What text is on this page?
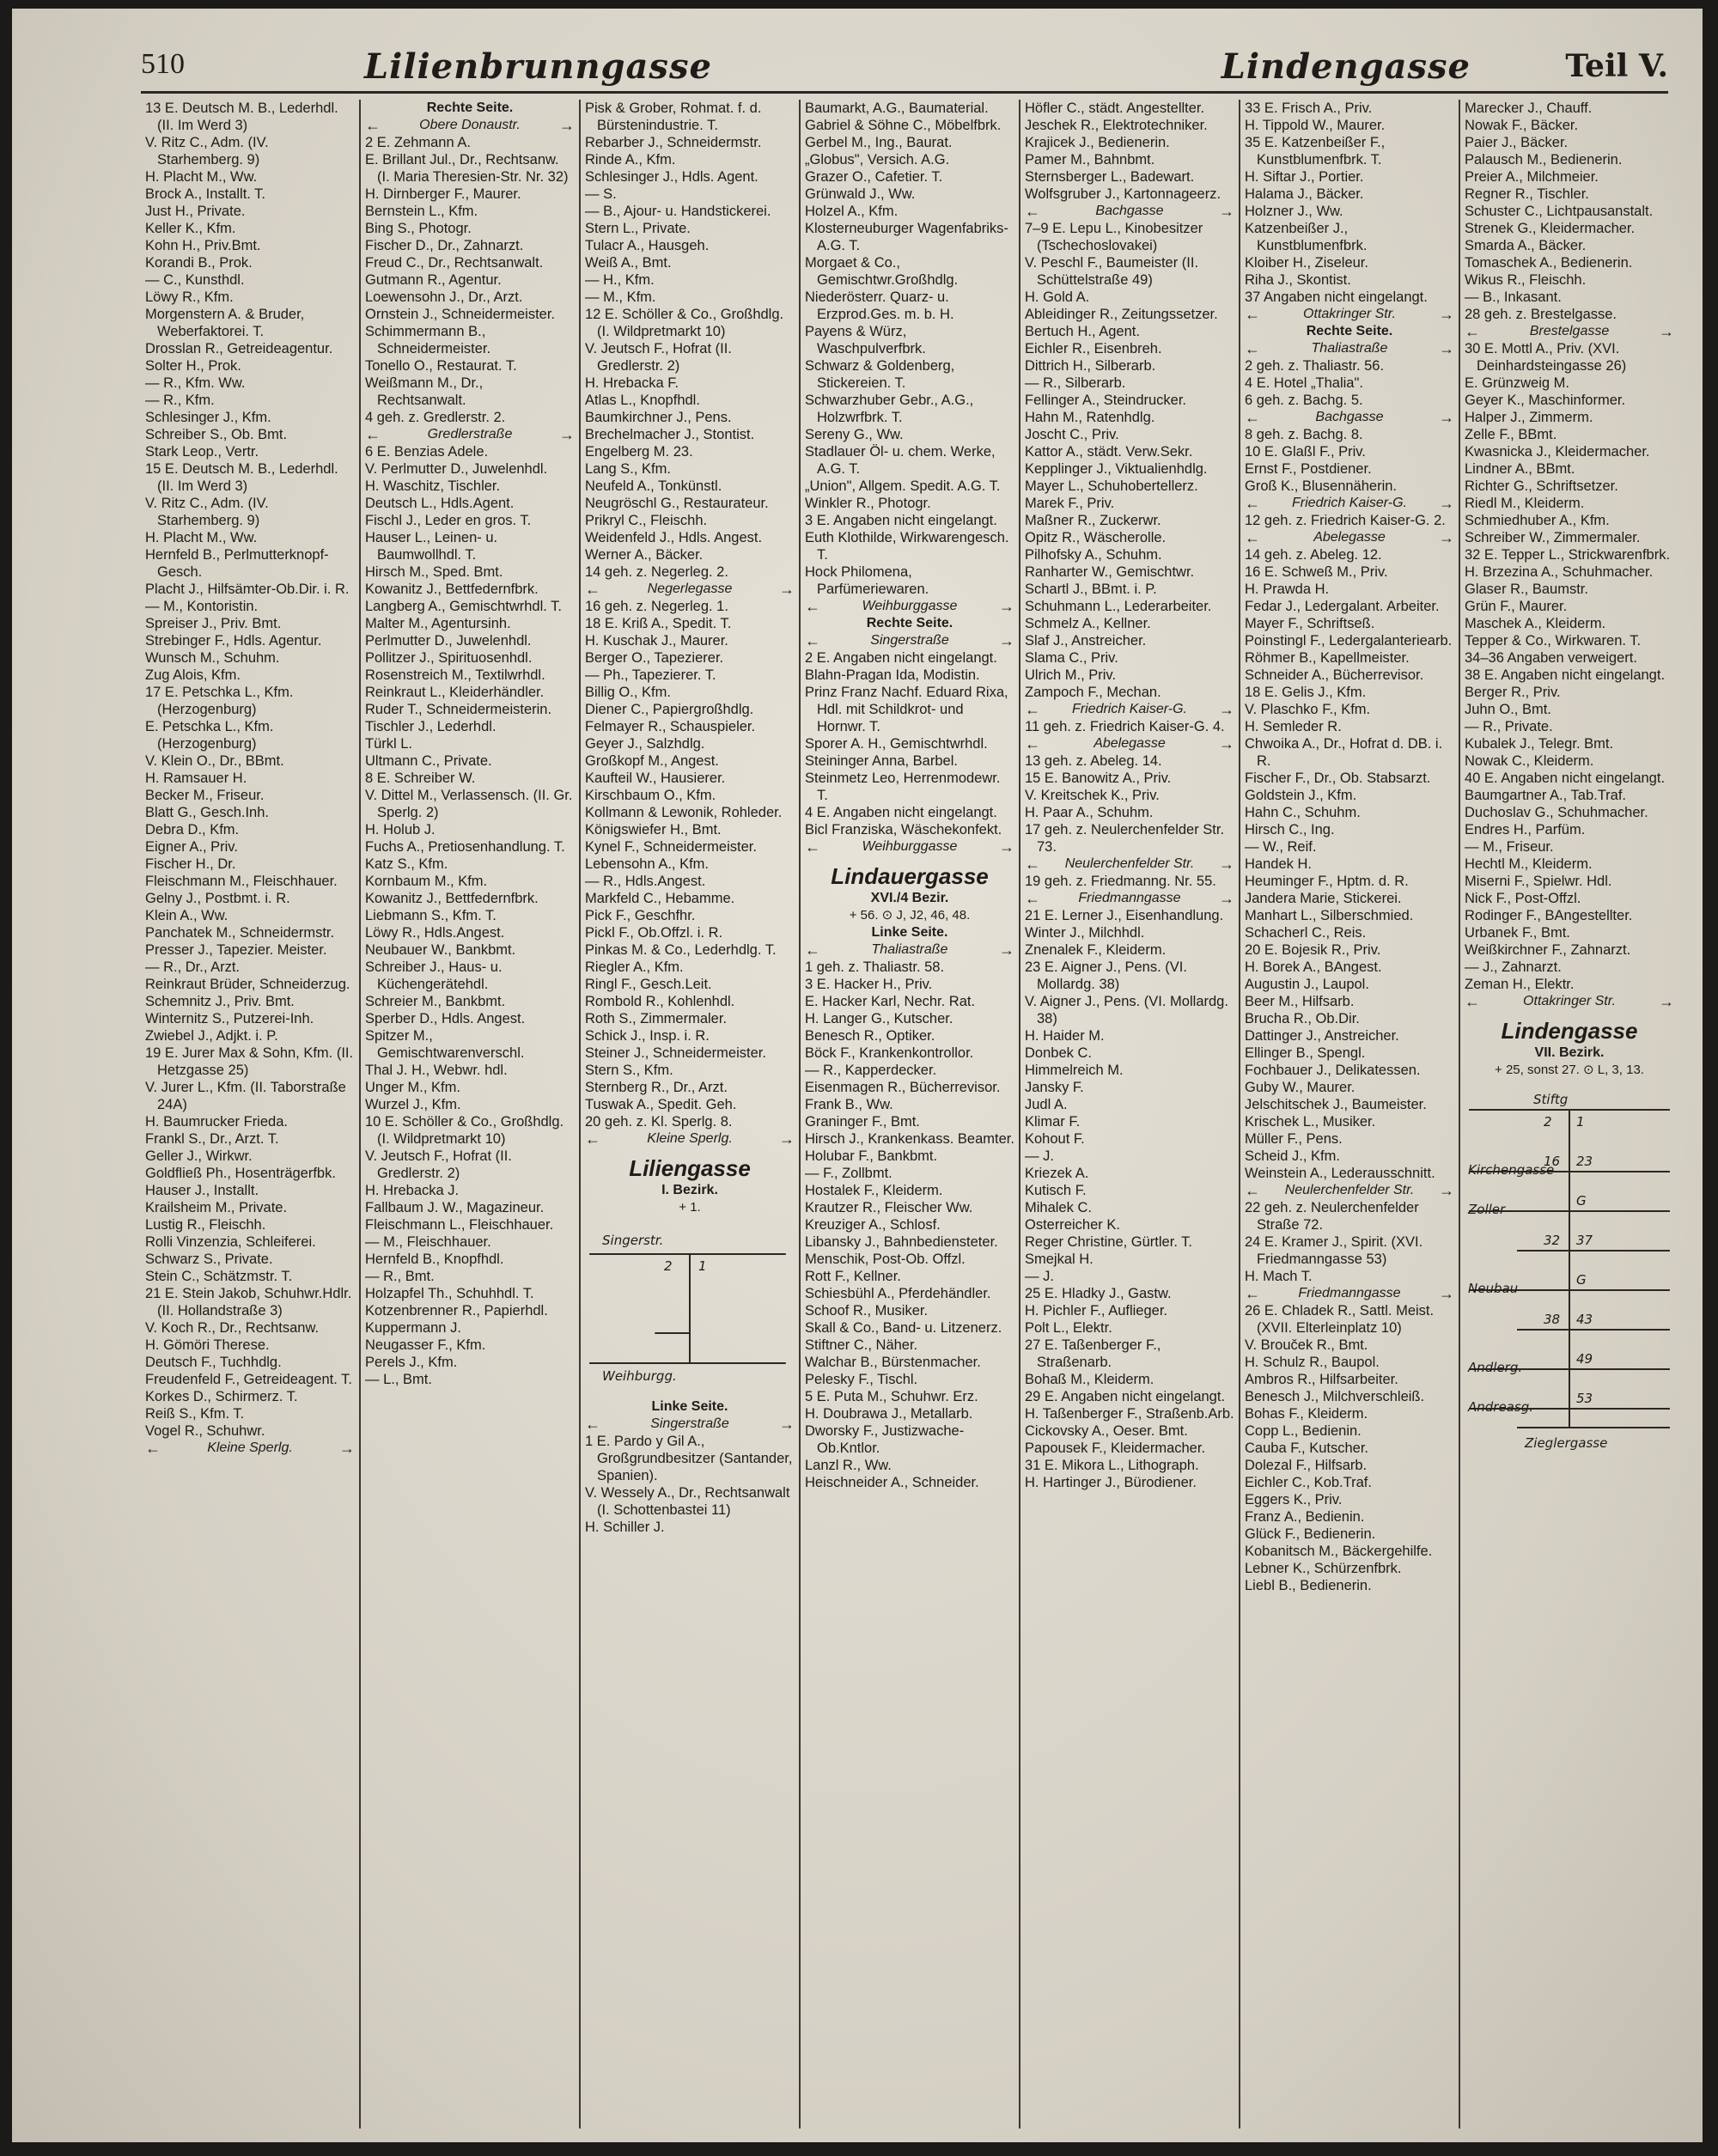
510	Lilienbrunngasse	Lindengasse	Teil V.

13 E. Deutsch M. B., Lederhdl. (II. Im Werd 3)

V. Ritz C., Adm. (IV. Starhemberg. 9)

H. Placht M., Ww.

Brock A., Installt. T.

Just H., Private.

Keller K., Kfm.

Kohn H., Priv.Bmt.

Korandi B., Prok.

— C., Kunsthdl.

Löwy R., Kfm.

Morgenstern A. & Bruder, Weberfaktorei. T.

Drosslan R., Getreideagentur.

Solter H., Prok.

— R., Kfm. Ww.

— R., Kfm.

Schlesinger J., Kfm.

Schreiber S., Ob. Bmt.

Stark Leop., Vertr.

15 E. Deutsch M. B., Lederhdl. (II. Im Werd 3)

V. Ritz C., Adm. (IV. Starhemberg. 9)

H. Placht M., Ww.

Hernfeld B., Perlmutterknopf-Gesch.

Placht J., Hilfsämter-Ob.Dir. i. R.

— M., Kontoristin.

Spreiser J., Priv. Bmt.

Strebinger F., Hdls. Agentur.

Wunsch M., Schuhm.

Zug Alois, Kfm.

17 E. Petschka L., Kfm. (Herzogenburg)

E. Petschka L., Kfm. (Herzogenburg)

V. Klein O., Dr., BBmt.

H. Ramsauer H.

Becker M., Friseur.

Blatt G., Gesch.Inh.

Debra D., Kfm.

Eigner A., Priv.

Fischer H., Dr.

Fleischmann M., Fleischhauer.

Gelny J., Postbmt. i. R.

Klein A., Ww.

Panchatek M., Schneidermstr.

Presser J., Tapezier. Meister.

— R., Dr., Arzt.

Reinkraut Brüder, Schneiderzug.

Schemnitz J., Priv. Bmt.

Winternitz S., Putzerei-Inh.

Zwiebel J., Adjkt. i. P.

19 E. Jurer Max & Sohn, Kfm. (II. Hetzgasse 25)

V. Jurer L., Kfm. (II. Taborstraße 24A)

H. Baumrucker Frieda.

Frankl S., Dr., Arzt. T.

Geller J., Wirkwr.

Goldfließ Ph., Hosenträgerfbk.

Hauser J., Installt.

Krailsheim M., Private.

Lustig R., Fleischh.

Rolli Vinzenzia, Schleiferei.

Schwarz S., Private.

Stein C., Schätzmstr. T.

21 E. Stein Jakob, Schuhwr.Hdlr. (II. Hollandstraße 3)

V. Koch R., Dr., Rechtsanw.

H. Gömöri Therese.

Deutsch F., Tuchhdlg.

Freudenfeld F., Getreideagent. T.

Korkes D., Schirmerz. T.

Reiß S., Kfm. T.

Vogel R., Schuhwr.

←	Kleine Sperlg.	→
Rechte Seite.
←	Obere Donaustr.	→

2 E. Zehmann A.

E. Brillant Jul., Dr., Rechtsanw. (I. Maria Theresien-Str. Nr. 32)

H. Dirnberger F., Maurer.

Bernstein L., Kfm.

Bing S., Photogr.

Fischer D., Dr., Zahnarzt.

Freud C., Dr., Rechtsanwalt.

Gutmann R., Agentur.

Loewensohn J., Dr., Arzt.

Ornstein J., Schneidermeister.

Schimmermann B., Schneidermeister.

Tonello O., Restaurat. T.

Weißmann M., Dr., Rechtsanwalt.

4 geh. z. Gredlerstr. 2.

←	Gredlerstraße	→

6 E. Benzias Adele.

V. Perlmutter D., Juwelenhdl.

H. Waschitz, Tischler.

Deutsch L., Hdls.Agent.

Fischl J., Leder en gros. T.

Hauser L., Leinen- u. Baumwollhdl. T.

Hirsch M., Sped. Bmt.

Kowanitz J., Bettfedernfbrk.

Langberg A., Gemischtwrhdl. T.

Malter M., Agentursinh.

Perlmutter D., Juwelenhdl.

Pollitzer J., Spirituosenhdl.

Rosenstreich M., Textilwrhdl.

Reinkraut L., Kleiderhändler.

Ruder T., Schneidermeisterin.

Tischler J., Lederhdl.

Türkl L.

Ultmann C., Private.

8 E. Schreiber W.

V. Dittel M., Verlassensch. (II. Gr. Sperlg. 2)

H. Holub J.

Fuchs A., Pretiosenhandlung. T.

Katz S., Kfm.

Kornbaum M., Kfm.

Kowanitz J., Bettfedernfbrk.

Liebmann S., Kfm. T.

Löwy R., Hdls.Angest.

Neubauer W., Bankbmt.

Schreiber J., Haus- u. Küchengerätehdl.

Schreier M., Bankbmt.

Sperber D., Hdls. Angest.

Spitzer M., Gemischtwarenverschl.

Thal J. H., Webwr. hdl.

Unger M., Kfm.

Wurzel J., Kfm.

10 E. Schöller & Co., Großhdlg. (I. Wildpretmarkt 10)

V. Jeutsch F., Hofrat (II. Gredlerstr. 2)

H. Hrebacka J.

Fallbaum J. W., Magazineur.

Fleischmann L., Fleischhauer.

— M., Fleischhauer.

Hernfeld B., Knopfhdl.

— R., Bmt.

Holzapfel Th., Schuhhdl. T.

Kotzenbrenner R., Papierhdl.

Kuppermann J.

Neugasser F., Kfm.

Perels J., Kfm.

— L., Bmt.

Pisk & Grober, Rohmat. f. d. Bürstenindustrie. T.

Rebarber J., Schneidermstr.

Rinde A., Kfm.

Schlesinger J., Hdls. Agent.

— S.

— B., Ajour- u. Handstickerei.

Stern L., Private.

Tulacr A., Hausgeh.

Weiß A., Bmt.

— H., Kfm.

— M., Kfm.

12 E. Schöller & Co., Großhdlg. (I. Wildpretmarkt 10)

V. Jeutsch F., Hofrat (II. Gredlerstr. 2)

H. Hrebacka F.

Atlas L., Knopfhdl.

Baumkirchner J., Pens.

Brechelmacher J., Stontist.

Engelberg M. 23.

Lang S., Kfm.

Neufeld A., Tonkünstl.

Neugröschl G., Restaurateur.

Prikryl C., Fleischh.

Weidenfeld J., Hdls. Angest.

Werner A., Bäcker.

14 geh. z. Negerleg. 2.

←	Negerlegasse	→

16 geh. z. Negerleg. 1.

18 E. Kriß A., Spedit. T.

H. Kuschak J., Maurer.

Berger O., Tapezierer.

— Ph., Tapezierer. T.

Billig O., Kfm.

Diener C., Papiergroßhdlg.

Felmayer R., Schauspieler.

Geyer J., Salzhdlg.

Großkopf M., Angest.

Kaufteil W., Hausierer.

Kirschbaum O., Kfm.

Kollmann & Lewonik, Rohleder.

Königswiefer H., Bmt.

Kynel F., Schneidermeister.

Lebensohn A., Kfm.

— R., Hdls.Angest.

Markfeld C., Hebamme.

Pick F., Geschfhr.

Pickl F., Ob.Offzl. i. R.

Pinkas M. & Co., Lederhdlg. T.

Riegler A., Kfm.

Ringl F., Gesch.Leit.

Rombold R., Kohlenhdl.

Roth S., Zimmermaler.

Schick J., Insp. i. R.

Steiner J., Schneidermeister.

Stern S., Kfm.

Sternberg R., Dr., Arzt.

Tuswak A., Spedit. Geh.

20 geh. z. Kl. Sperlg. 8.

←	Kleine Sperlg.	→
Liliengasse
I. Bezirk.
+ 1.
Singerstr.
2 1
Weihburgg.
Linke Seite.
←	Singerstraße	→

1 E. Pardo y Gil A., Großgrundbesitzer (Santander, Spanien).

V. Wessely A., Dr., Rechtsanwalt (I. Schottenbastei 11)

H. Schiller J.

Baumarkt, A.G., Baumaterial.

Gabriel & Söhne C., Möbelfbrk.

Gerbel M., Ing., Baurat.

„Globus", Versich. A.G.

Grazer O., Cafetier. T.

Grünwald J., Ww.

Holzel A., Kfm.

Klosterneuburger Wagenfabriks-A.G. T.

Morgaet & Co., Gemischtwr.Großhdlg.

Niederösterr. Quarz- u. Erzprod.Ges. m. b. H.

Payens & Würz, Waschpulverfbrk.

Schwarz & Goldenberg, Stickereien. T.

Schwarzhuber Gebr., A.G., Holzwrfbrk. T.

Sereny G., Ww.

Stadlauer Öl- u. chem. Werke, A.G. T.

„Union", Allgem. Spedit. A.G. T.

Winkler R., Photogr.

3 E. Angaben nicht eingelangt.

Euth Klothilde, Wirkwarengesch. T.

Hock Philomena, Parfümeriewaren.

←	Weihburggasse	→
Rechte Seite.
←	Singerstraße	→

2 E. Angaben nicht eingelangt.

Blahn-Pragan Ida, Modistin.

Prinz Franz Nachf. Eduard Rixa, Hdl. mit Schildkrot- und Hornwr. T.

Sporer A. H., Gemischtwrhdl.

Steininger Anna, Barbel.

Steinmetz Leo, Herrenmodewr. T.

4 E. Angaben nicht eingelangt.

Bicl Franziska, Wäschekonfekt.

←	Weihburggasse	→
Lindauergasse
XVI./4 Bezir.
+ 56. ⊙ J, J2, 46, 48.
Linke Seite.
←	Thaliastraße	→

1 geh. z. Thaliastr. 58.

3 E. Hacker H., Priv.

E. Hacker Karl, Nechr. Rat.

H. Langer G., Kutscher.

Benesch R., Optiker.

Böck F., Krankenkontrollor.

— R., Kapperdecker.

Eisenmagen R., Bücherrevisor.

Frank B., Ww.

Graninger F., Bmt.

Hirsch J., Krankenkass. Beamter.

Holubar F., Bankbmt.

— F., Zollbmt.

Hostalek F., Kleiderm.

Krautzer R., Fleischer Ww.

Kreuziger A., Schlosf.

Libansky J., Bahnbediensteter.

Menschik, Post-Ob. Offzl.

Rott F., Kellner.

Schiesbühl A., Pferdehändler.

Schoof R., Musiker.

Skall & Co., Band- u. Litzenerz.

Stiftner C., Näher.

Walchar B., Bürstenmacher.

Pelesky F., Tischl.

5 E. Puta M., Schuhwr. Erz.

H. Doubrawa J., Metallarb.

Dworsky F., Justizwache-Ob.Kntlor.

Lanzl R., Ww.

Heischneider A., Schneider.

Höfler C., städt. Angestellter.

Jeschek R., Elektrotechniker.

Krajicek J., Bedienerin.

Pamer M., Bahnbmt.

Sternsberger L., Badewart.

Wolfsgruber J., Kartonnageerz.

←	Bachgasse	→

7–9 E. Lepu L., Kinobesitzer (Tschechoslovakei)

V. Peschl F., Baumeister (II. Schüttelstraße 49)

H. Gold A.

Ableidinger R., Zeitungssetzer.

Bertuch H., Agent.

Eichler R., Eisenbreh.

Dittrich H., Silberarb.

— R., Silberarb.

Fellinger A., Steindrucker.

Hahn M., Ratenhdlg.

Joscht C., Priv.

Kattor A., städt. Verw.Sekr.

Kepplinger J., Viktualienhdlg.

Mayer L., Schuhobertellerz.

Marek F., Priv.

Maßner R., Zuckerwr.

Opitz R., Wäscherolle.

Pilhofsky A., Schuhm.

Ranharter W., Gemischtwr.

Schartl J., BBmt. i. P.

Schuhmann L., Lederarbeiter.

Schmelz A., Kellner.

Slaf J., Anstreicher.

Slama C., Priv.

Ulrich M., Priv.

Zampoch F., Mechan.

← Friedrich Kaiser-G. →

11 geh. z. Friedrich Kaiser-G. 4.

←	Abelegasse	→

13 geh. z. Abeleg. 14.

15 E. Banowitz A., Priv.

V. Kreitschek K., Priv.

H. Paar A., Schuhm.

17 geh. z. Neulerchenfelder Str. 73.

← Neulerchenfelder Str. →

19 geh. z. Friedmanng. Nr. 55.

←	Friedmanngasse →

21 E. Lerner J., Eisenhandlung.

Winter J., Milchhdl.

Znenalek F., Kleiderm.

23 E. Aigner J., Pens. (VI. Mollardg. 38)

V. Aigner J., Pens. (VI. Mollardg. 38)

H. Haider M.

Donbek C.

Himmelreich M.

Jansky F.

Judl A.

Klimar F.

Kohout F.

— J.

Kriezek A.

Kutisch F.

Mihalek C.

Osterreicher K.

Reger Christine, Gürtler. T.

Smejkal H.

— J.

25 E. Hladky J., Gastw.

H. Pichler F., Auflieger.

Polt L., Elektr.

27 E. Taßenberger F., Straßenarb.

Bohaß M., Kleiderm.

29 E. Angaben nicht eingelangt.

H. Taßenberger F., Straßenb.Arb.

Cickovsky A., Oeser. Bmt.

Papousek F., Kleidermacher.

31 E. Mikora L., Lithograph.

H. Hartinger J., Bürodiener.

33 E. Frisch A., Priv.

H. Tippold W., Maurer.

35 E. Katzenbeißer F., Kunstblumenfbrk. T.

H. Siftar J., Portier.

Halama J., Bäcker.

Holzner J., Ww.

Katzenbeißer J., Kunstblumenfbrk.

Kloiber H., Ziseleur.

Riha J., Skontist.

37 Angaben nicht eingelangt.

←	Ottakringer Str.	→
Rechte Seite.
←	Thaliastraße	→

2 geh. z. Thaliastr. 56.

4 E. Hotel „Thalia".

6 geh. z. Bachg. 5.

←	Bachgasse	→

8 geh. z. Bachg. 8.

10 E. Glaßl F., Priv.

Ernst F., Postdiener.

Groß K., Blusennäherin.

← Friedrich Kaiser-G. →

12 geh. z. Friedrich Kaiser-G. 2.

←	Abelegasse	→

14 geh. z. Abeleg. 12.

16 E. Schweß M., Priv.

H. Prawda H.

Fedar J., Ledergalant. Arbeiter.

Mayer F., Schriftseß.

Poinstingl F., Ledergalanteriearb.

Röhmer B., Kapellmeister.

Schneider A., Bücherrevisor.

18 E. Gelis J., Kfm.

V. Plaschko F., Kfm.

H. Semleder R.

Chwoika A., Dr., Hofrat d. DB. i. R.

Fischer F., Dr., Ob. Stabsarzt.

Goldstein J., Kfm.

Hahn C., Schuhm.

Hirsch C., Ing.

— W., Reif.

Handek H.

Heuminger F., Hptm. d. R.

Jandera Marie, Stickerei.

Manhart L., Silberschmied.

Schacherl C., Reis.

20 E. Bojesik R., Priv.

H. Borek A., BAngest.

Augustin J., Laupol.

Beer M., Hilfsarb.

Brucha R., Ob.Dir.

Dattinger J., Anstreicher.

Ellinger B., Spengl.

Fochbauer J., Delikatessen.

Guby W., Maurer.

Jelschitschek J., Baumeister.

Krischek L., Musiker.

Müller F., Pens.

Scheid J., Kfm.

Weinstein A., Lederausschnitt.

← Neulerchenfelder Str. →

22 geh. z. Neulerchenfelder Straße 72.

24 E. Kramer J., Spirit. (XVI. Friedmanngasse 53)

H. Mach T.

←	Friedmanngasse →

26 E. Chladek R., Sattl. Meist. (XVII. Elterleinplatz 10)

V. Brouček R., Bmt.

H. Schulz R., Baupol.

Ambros R., Hilfsarbeiter.

Benesch J., Milchverschleiß.

Bohas F., Kleiderm.

Copp L., Bedienin.

Cauba F., Kutscher.

Dolezal F., Hilfsarb.

Eichler C., Kob.Traf.

Eggers K., Priv.

Franz A., Bedienin.

Glück F., Bedienerin.

Kobanitsch M., Bäckergehilfe.

Lebner K., Schürzenfbrk.

Liebl B., Bedienerin.

Marecker J., Chauff.

Nowak F., Bäcker.

Paier J., Bäcker.

Palausch M., Bedienerin.

Preier A., Milchmeier.

Regner R., Tischler.

Schuster C., Lichtpausanstalt.

Strenek G., Kleidermacher.

Smarda A., Bäcker.

Tomaschek A., Bedienerin.

Wikus R., Fleischh.

— B., Inkasant.

28 geh. z. Brestelgasse.

←	Brestelgasse	→

30 E. Mottl A., Priv. (XVI. Deinhardsteingasse 26)

E. Grünzweig M.

Geyer K., Maschinformer.

Halper J., Zimmerm.

Zelle F., BBmt.

Kwasnicka J., Kleidermacher.

Lindner A., BBmt.

Richter G., Schriftsetzer.

Riedl M., Kleiderm.

Schmiedhuber A., Kfm.

Schreiber W., Zimmermaler.

32 E. Tepper L., Strickwarenfbrk.

H. Brzezina A., Schuhmacher.

Glaser R., Baumstr.

Grün F., Maurer.

Maschek A., Kleiderm.

Tepper & Co., Wirkwaren. T.

34–36 Angaben verweigert.

38 E. Angaben nicht eingelangt.

Berger R., Priv.

Juhn O., Bmt.

— R., Private.

Kubalek J., Telegr. Bmt.

Nowak C., Kleiderm.

40 E. Angaben nicht eingelangt.

Baumgartner A., Tab.Traf.

Duchoslav G., Schuhmacher.

Endres H., Parfüm.

— M., Friseur.

Hechtl M., Kleiderm.

Miserni F., Spielwr. Hdl.

Nick F., Post-Offzl.

Rodinger F., BAngestellter.

Urbanek F., Bmt.

Weißkirchner F., Zahnarzt.

— J., Zahnarzt.

Zeman H., Elektr.

←	Ottakringer Str.	→
Lindengasse
VII. Bezirk.
+ 25, sonst 27. ⊙ L, 3, 13.
Stiftg
2 1
Kirchengasse
16 23
Zoller
G
32 37
Neubau
G
38 43
Andlerg.
49
Andreasg.
53
Zieglergasse
